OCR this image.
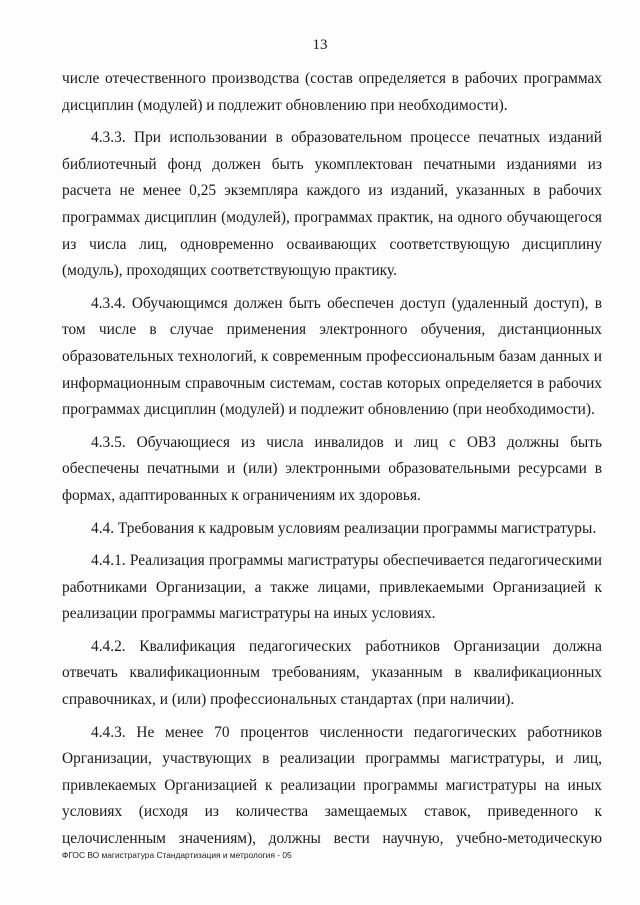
13

числе отечественного производства (состав определяется в рабочих программах дисциплин (модулей) и подлежит обновлению при необходимости).

4.3.3. При использовании в образовательном процессе печатных изданий библиотечный фонд должен быть укомплектован печатными изданиями из расчета не менее 0,25 экземпляра каждого из изданий, указанных в рабочих программах дисциплин (модулей), программах практик, на одного обучающегося из числа лиц, одновременно осваивающих соответствующую дисциплину (модуль), проходящих соответствующую практику.

4.3.4. Обучающимся должен быть обеспечен доступ (удаленный доступ), в том числе в случае применения электронного обучения, дистанционных образовательных технологий, к современным профессиональным базам данных и информационным справочным системам, состав которых определяется в рабочих программах дисциплин (модулей) и подлежит обновлению (при необходимости).

4.3.5. Обучающиеся из числа инвалидов и лиц с ОВЗ должны быть обеспечены печатными и (или) электронными образовательными ресурсами в формах, адаптированных к ограничениям их здоровья.

4.4. Требования к кадровым условиям реализации программы магистратуры.

4.4.1. Реализация программы магистратуры обеспечивается педагогическими работниками Организации, а также лицами, привлекаемыми Организацией к реализации программы магистратуры на иных условиях.

4.4.2. Квалификация педагогических работников Организации должна отвечать квалификационным требованиям, указанным в квалификационных справочниках, и (или) профессиональных стандартах (при наличии).

4.4.3. Не менее 70 процентов численности педагогических работников Организации, участвующих в реализации программы магистратуры, и лиц, привлекаемых Организацией к реализации программы магистратуры на иных условиях (исходя из количества замещаемых ставок, приведенного к целочисленным значениям), должны вести научную, учебно-методическую

ФГОС ВО магистратура Стандартизация и метрология - 05
